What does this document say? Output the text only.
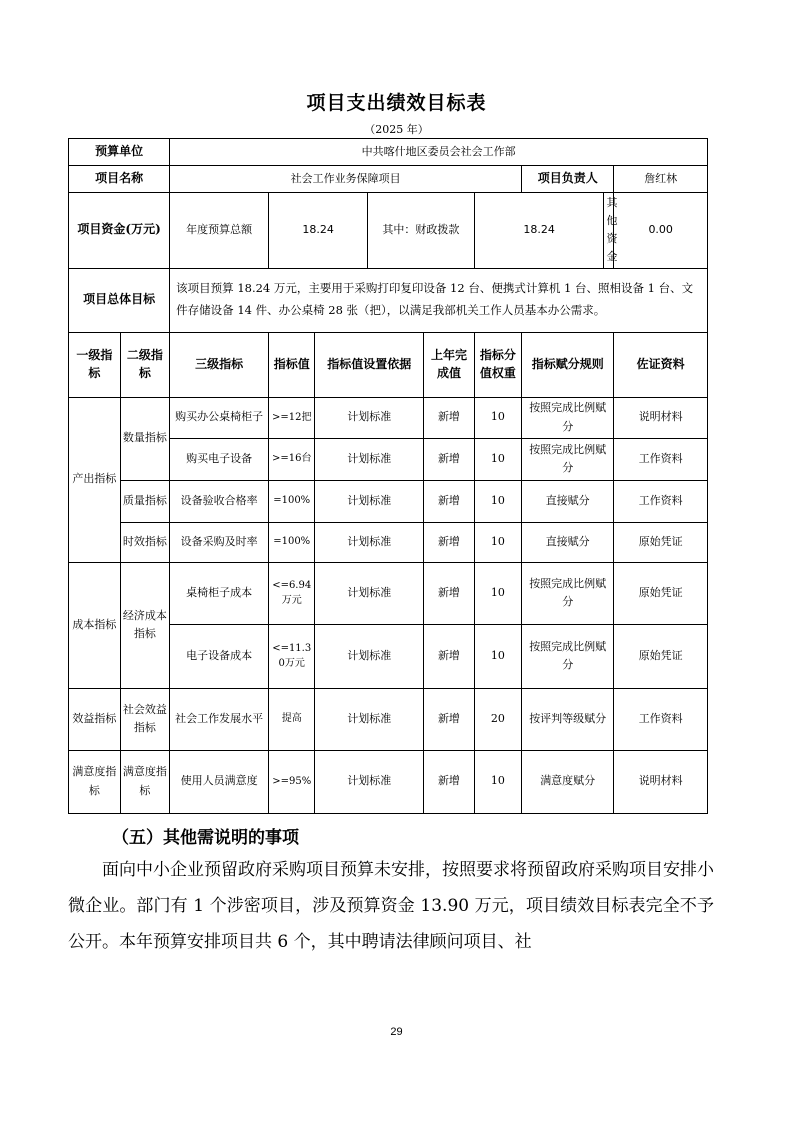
项目支出绩效目标表
（2025 年）
预算单位		中共喀什地区委员会社会工作部								
项目名称		社会工作业务保障项目						项目负责人		詹红林
项目资金(万元)		年度预算总额	18.24		其中：财政拨款		18.24		其他资金	0.00
项目总体目标		该项目预算 18.24 万元，主要用于采购打印复印设备 12 台、便携式计算机 1 台、照相设备 1 台、文件存储设备 14 件、办公桌椅 28 张（把），以满足我部机关工作人员基本办公需求。								
一级指标	二级指标	三级指标	指标值	指标值设置依据		上年完成值	指标分值权重	指标赋分规则		佐证资料
产出指标	数量指标	购买办公桌椅柜子	>=12把	计划标准		新增	10	按照完成比例赋分		说明材料
		购买电子设备	>=16台	计划标准		新增	10	按照完成比例赋分		工作资料
	质量指标	设备验收合格率	=100%	计划标准		新增	10	直接赋分		工作资料
	时效指标	设备采购及时率	=100%	计划标准		新增	10	直接赋分		原始凭证
成本指标	经济成本指标	桌椅柜子成本	<=6.94万元	计划标准		新增	10	按照完成比例赋分		原始凭证
		电子设备成本	<=11.30万元	计划标准		新增	10	按照完成比例赋分		原始凭证
效益指标	社会效益指标	社会工作发展水平	提高	计划标准		新增	20	按评判等级赋分		工作资料
满意度指标	满意度指标	使用人员满意度	>=95%	计划标准		新增	10	满意度赋分		说明材料
（五）其他需说明的事项
面向中小企业预留政府采购项目预算未安排，按照要求将预留政府采购项目安排小微企业。部门有 1 个涉密项目，涉及预算资金 13.90 万元，项目绩效目标表完全不予公开。本年预算安排项目共 6 个，其中聘请法律顾问项目、社
29
